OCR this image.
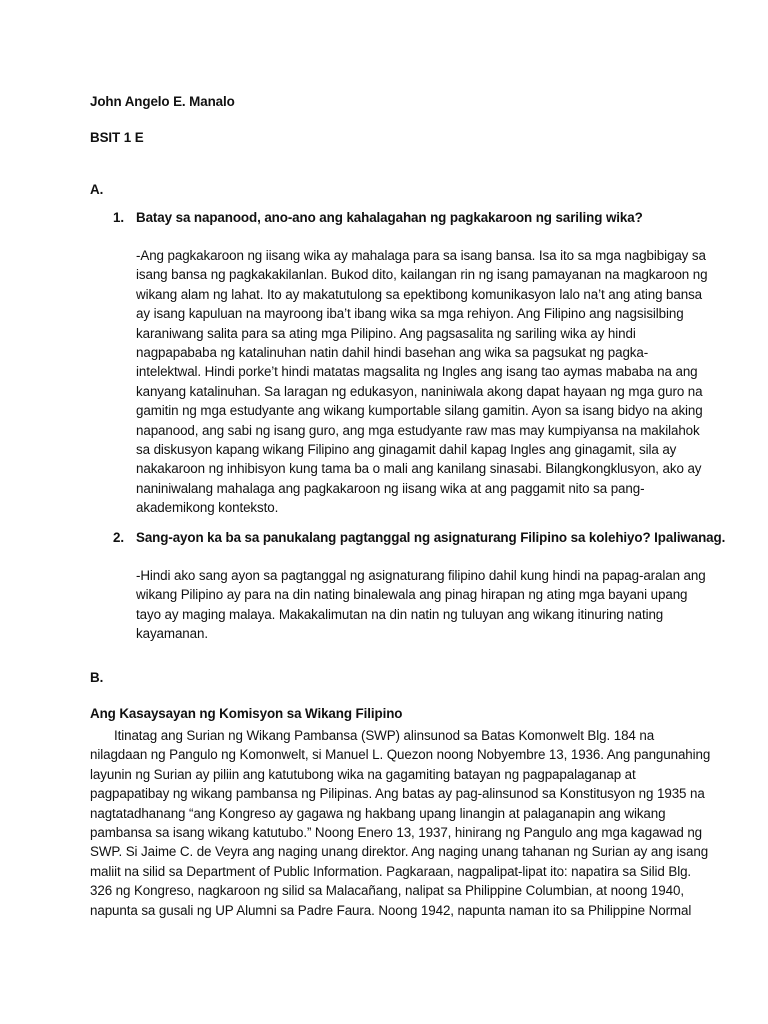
John Angelo E. Manalo
BSIT 1 E
A.
1. Batay sa napanood, ano-ano ang kahalagahan ng pagkakaroon ng sariling wika?
-Ang pagkakaroon ng iisang wika ay mahalaga para sa isang bansa. Isa ito sa mga nagbibigay sa
isang bansa ng pagkakakilanlan. Bukod dito, kailangan rin ng isang pamayanan na magkaroon ng
wikang alam ng lahat. Ito ay makatutulong sa epektibong komunikasyon lalo na’t ang ating bansa
ay isang kapuluan na mayroong iba’t ibang wika sa mga rehiyon. Ang Filipino ang nagsisilbing
karaniwang salita para sa ating mga Pilipino. Ang pagsasalita ng sariling wika ay hindi
nagpapababa ng katalinuhan natin dahil hindi basehan ang wika sa pagsukat ng pagka-
intelektwal. Hindi porke’t hindi matatas magsalita ng Ingles ang isang tao aymas mababa na ang
kanyang katalinuhan. Sa laragan ng edukasyon, naniniwala akong dapat hayaan ng mga guro na
gamitin ng mga estudyante ang wikang kumportable silang gamitin. Ayon sa isang bidyo na aking
napanood, ang sabi ng isang guro, ang mga estudyante raw mas may kumpiyansa na makilahok
sa diskusyon kapang wikang Filipino ang ginagamit dahil kapag Ingles ang ginagamit, sila ay
nakakaroon ng inhibisyon kung tama ba o mali ang kanilang sinasabi. Bilangkongklusyon, ako ay
naniniwalang mahalaga ang pagkakaroon ng iisang wika at ang paggamit nito sa pang-
akademikong konteksto.
2. Sang-ayon ka ba sa panukalang pagtanggal ng asignaturang Filipino sa kolehiyo? Ipaliwanag.
-Hindi ako sang ayon sa pagtanggal ng asignaturang filipino dahil kung hindi na papag-aralan ang
wikang Pilipino ay para na din nating binalewala ang pinag hirapan ng ating mga bayani upang
tayo ay maging malaya. Makakalimutan na din natin ng tuluyan ang wikang itinuring nating
kayamanan.
B.
Ang Kasaysayan ng Komisyon sa Wikang Filipino
Itinatag ang Surian ng Wikang Pambansa (SWP) alinsunod sa Batas Komonwelt Blg. 184 na
nilagdaan ng Pangulo ng Komonwelt, si Manuel L. Quezon noong Nobyembre 13, 1936. Ang pangunahing
layunin ng Surian ay piliin ang katutubong wika na gagamiting batayan ng pagpapalaganap at
pagpapatibay ng wikang pambansa ng Pilipinas. Ang batas ay pag-alinsunod sa Konstitusyon ng 1935 na
nagtatadhanang “ang Kongreso ay gagawa ng hakbang upang linangin at palaganapin ang wikang
pambansa sa isang wikang katutubo.” Noong Enero 13, 1937, hinirang ng Pangulo ang mga kagawad ng
SWP. Si Jaime C. de Veyra ang naging unang direktor. Ang naging unang tahanan ng Surian ay ang isang
maliit na silid sa Department of Public Information. Pagkaraan, nagpalipat-lipat ito: napatira sa Silid Blg.
326 ng Kongreso, nagkaroon ng silid sa Malacañang, nalipat sa Philippine Columbian, at noong 1940,
napunta sa gusali ng UP Alumni sa Padre Faura. Noong 1942, napunta naman ito sa Philippine Normal
